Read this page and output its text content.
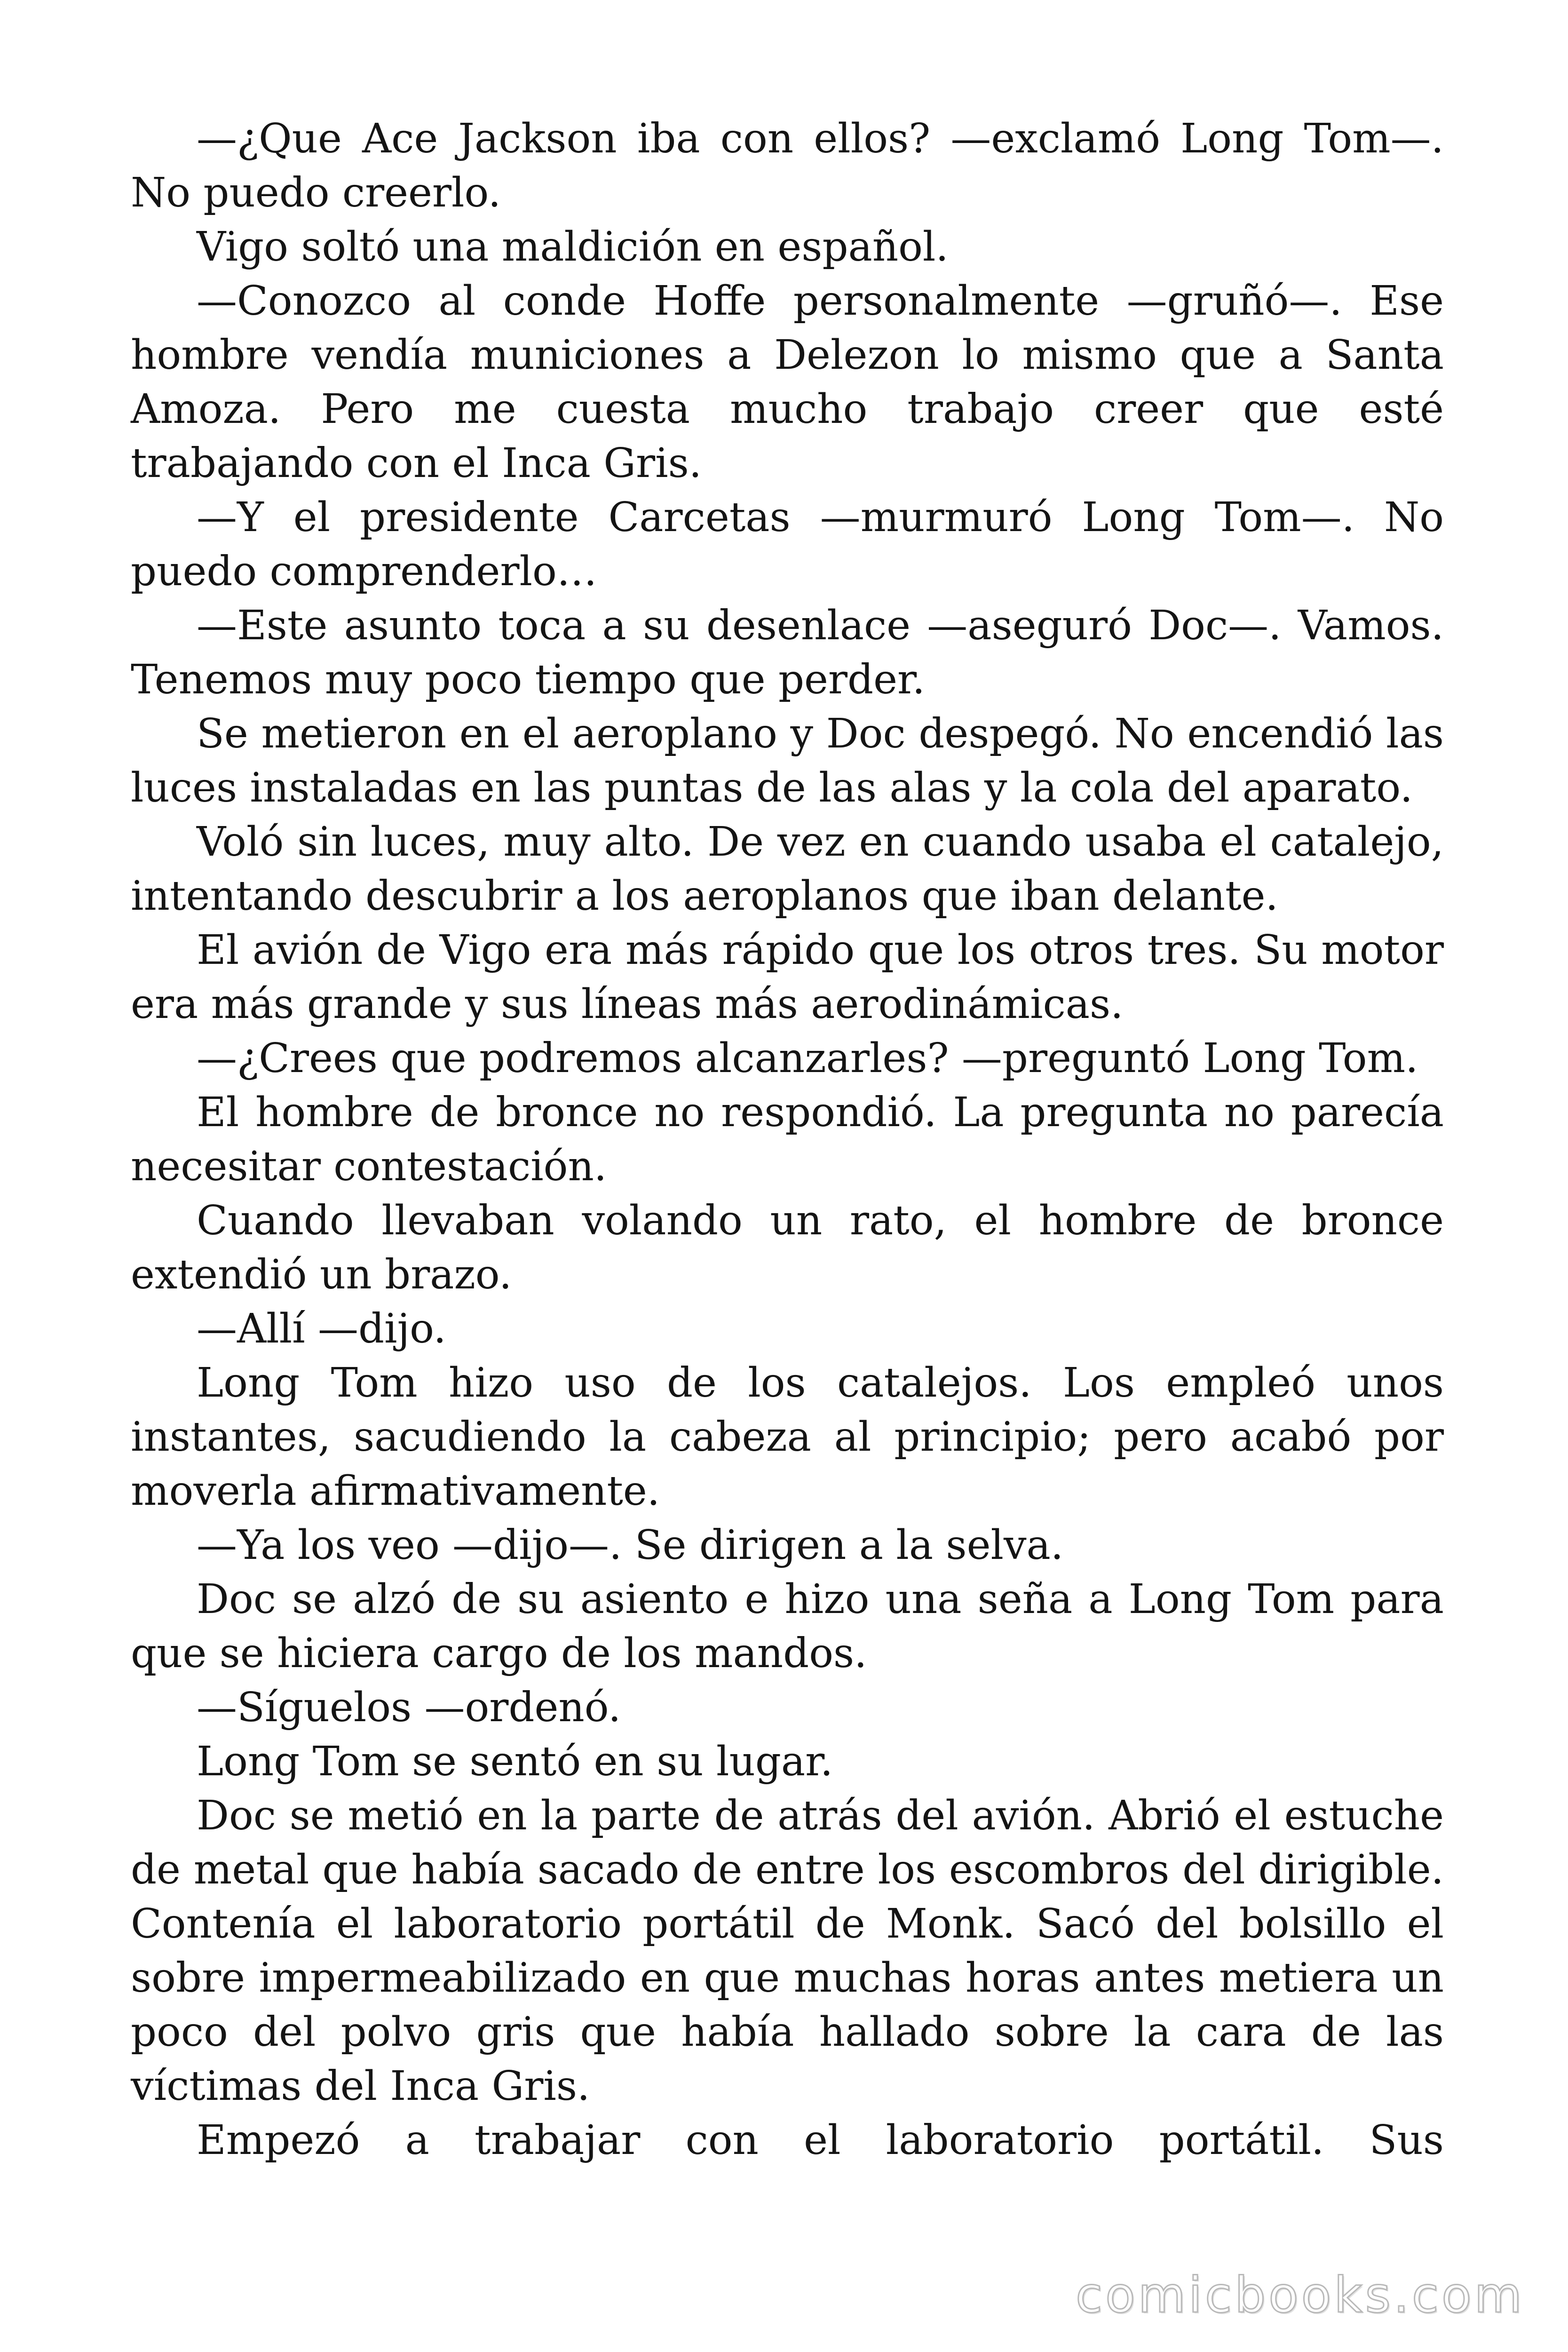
—¿Que Ace Jackson iba con ellos? —exclamó Long Tom—. No puedo creerlo.

Vigo soltó una maldición en español.

—Conozco al conde Hoffe personalmente —gruñó—. Ese hombre vendía municiones a Delezon lo mismo que a Santa Amoza. Pero me cuesta mucho trabajo creer que esté trabajando con el Inca Gris.

—Y el presidente Carcetas —murmuró Long Tom—. No puedo comprenderlo…

—Este asunto toca a su desenlace —aseguró Doc—. Vamos. Tenemos muy poco tiempo que perder.

Se metieron en el aeroplano y Doc despegó. No encendió las luces instaladas en las puntas de las alas y la cola del aparato.

Voló sin luces, muy alto. De vez en cuando usaba el catalejo, intentando descubrir a los aeroplanos que iban delante.

El avión de Vigo era más rápido que los otros tres. Su motor era más grande y sus líneas más aerodinámicas.

—¿Crees que podremos alcanzarles? —preguntó Long Tom.

El hombre de bronce no respondió. La pregunta no parecía necesitar contestación.

Cuando llevaban volando un rato, el hombre de bronce extendió un brazo.

—Allí —dijo.

Long Tom hizo uso de los catalejos. Los empleó unos instantes, sacudiendo la cabeza al principio; pero acabó por moverla afirmativamente.

—Ya los veo —dijo—. Se dirigen a la selva.

Doc se alzó de su asiento e hizo una seña a Long Tom para que se hiciera cargo de los mandos.

—Síguelos —ordenó.

Long Tom se sentó en su lugar.

Doc se metió en la parte de atrás del avión. Abrió el estuche de metal que había sacado de entre los escombros del dirigible. Contenía el laboratorio portátil de Monk. Sacó del bolsillo el sobre impermeabilizado en que muchas horas antes metiera un poco del polvo gris que había hallado sobre la cara de las víctimas del Inca Gris.

Empezó a trabajar con el laboratorio portátil. Sus

comicbooks.com
